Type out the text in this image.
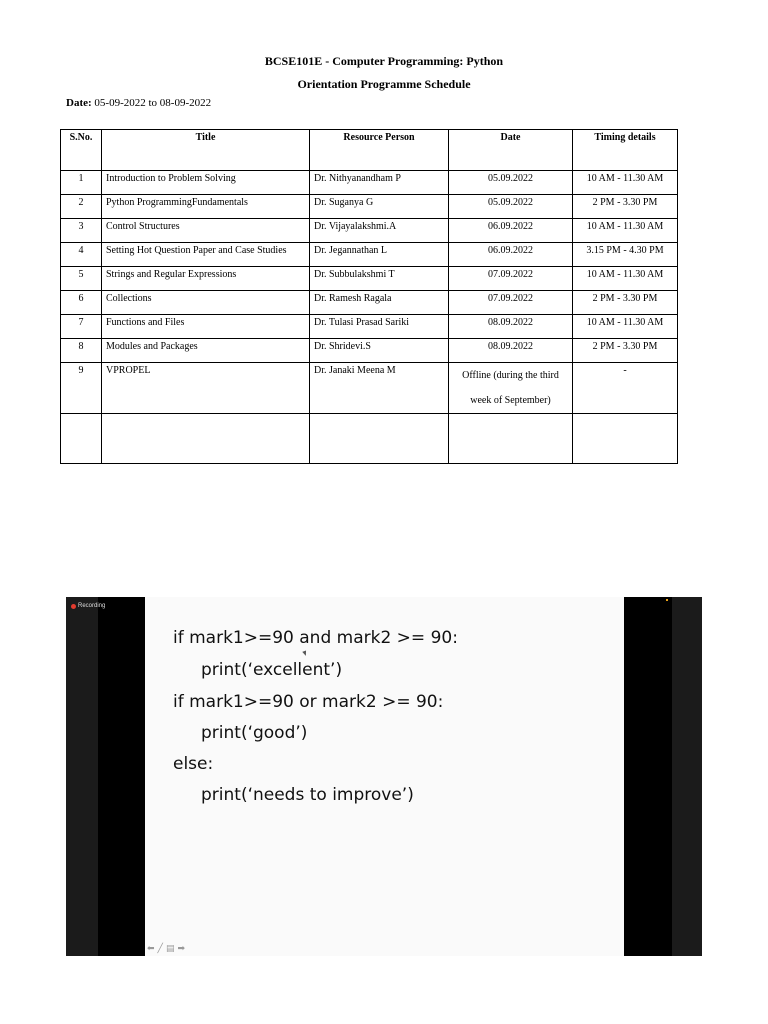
BCSE101E - Computer Programming: Python
Orientation Programme Schedule
Date: 05-09-2022 to 08-09-2022
S.No.	Title	Resource Person	Date	Timing details
1	Introduction to Problem Solving	Dr. Nithyanandham P	05.09.2022	10 AM - 11.30 AM
2	Python ProgrammingFundamentals	Dr. Suganya G	05.09.2022	2 PM - 3.30 PM
3	Control Structures	Dr. Vijayalakshmi.A	06.09.2022	10 AM - 11.30 AM
4	Setting Hot Question Paper and Case Studies	Dr. Jegannathan L	06.09.2022	3.15 PM - 4.30 PM
5	Strings and Regular Expressions	Dr. Subbulakshmi T	07.09.2022	10 AM - 11.30 AM
6	Collections	Dr. Ramesh Ragala	07.09.2022	2 PM - 3.30 PM
7	Functions and Files	Dr. Tulasi Prasad Sariki	08.09.2022	10 AM - 11.30 AM
8	Modules and Packages	Dr. Shridevi.S	08.09.2022	2 PM - 3.30 PM
9	VPROPEL	Dr. Janaki Meena M	Offline (during the third week of September)	-

Recording
if mark1>=90 and mark2 >= 90:
print(‘excellent’)
if mark1>=90 or mark2 >= 90:
print(‘good’)
else:
print(‘needs to improve’)
⬅ ╱ ▤ ➡
